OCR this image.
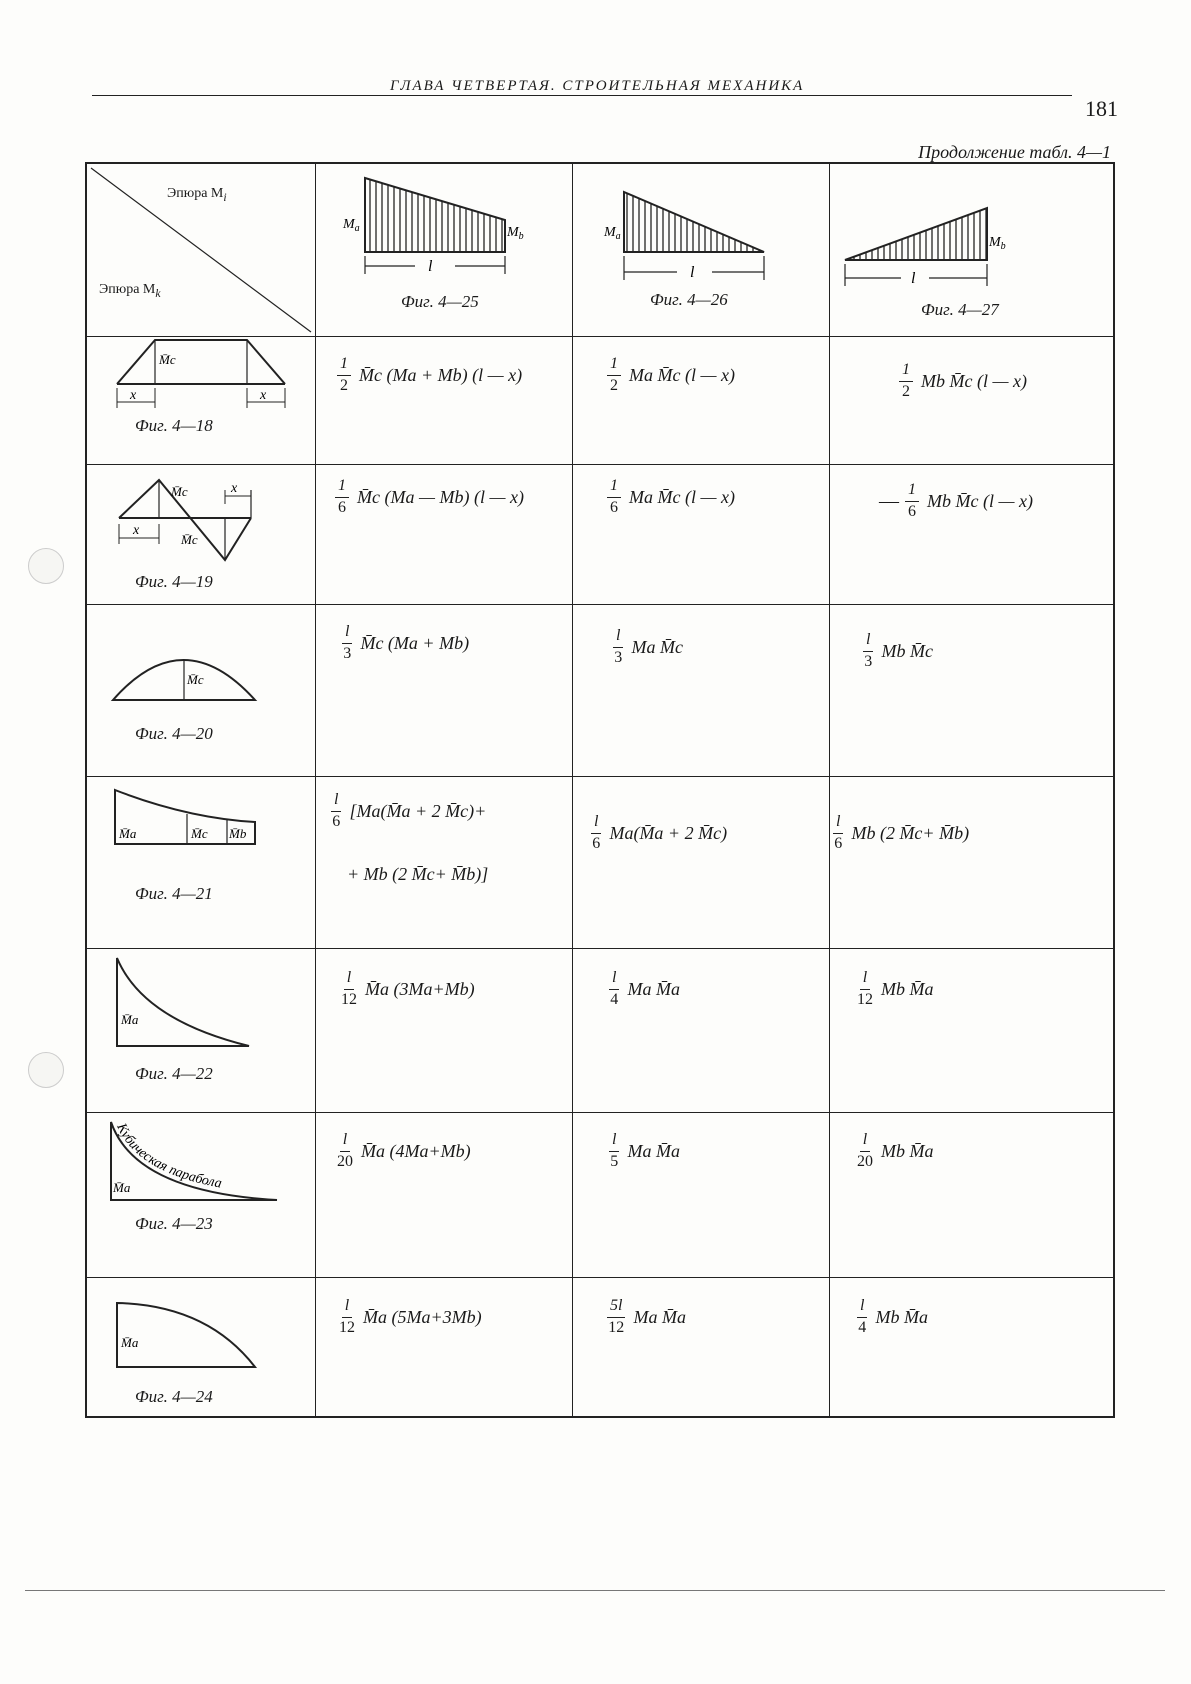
ГЛАВА ЧЕТВЕРТАЯ. СТРОИТЕЛЬНАЯ МЕХАНИКА
181
Продолжение табл. 4—1
Эпюра $M_i$
Эпюра $M_k$
$M_a$	$M_b$
l
Фиг. 4—25
$M_a$
l
Фиг. 4—26
$M_b$
l
Фиг. 4—27
M̄c
x	x
Фиг. 4—18
$\frac{1}{2}$ M̄c (Ma + Mb) (l — x)	$\frac{1}{2}$ Ma M̄c (l — x)	$\frac{1}{2}$ Mb M̄c (l — x)
M̄c	x
x
M̄c
Фиг. 4—19
$\frac{1}{6}$ M̄c (Ma — Mb) (l — x)	$\frac{1}{6}$ Ma M̄c (l — x)	— $\frac{1}{6}$ Mb M̄c (l — x)
M̄c
Фиг. 4—20
$\frac{l}{3}$ M̄c (Ma + Mb)	$\frac{l}{3}$ Ma M̄c	$\frac{l}{3}$ Mb M̄c
M̄a	M̄c M̄b
Фиг. 4—21
$\frac{l}{6}$ [Ma(M̄a + 2 M̄c)+
+ Mb (2 M̄c+ M̄b)]
$\frac{l}{6}$ Ma(M̄a + 2 M̄c)	$\frac{l}{6}$ Mb (2 M̄c+ M̄b)
M̄a
Фиг. 4—22
$\frac{l}{12}$ M̄a (3Ma+Mb)	$\frac{l}{4}$ Ma M̄a	$\frac{l}{12}$ Mb M̄a
Кубическая парабола
M̄a
Фиг. 4—23
$\frac{l}{20}$ M̄a (4Ma+Mb)	$\frac{l}{5}$ Ma M̄a	$\frac{l}{20}$ Mb M̄a
M̄a
Фиг. 4—24
$\frac{l}{12}$ M̄a (5Ma+3Mb)	$\frac{5l}{12}$ Ma M̄a	$\frac{l}{4}$ Mb M̄a
